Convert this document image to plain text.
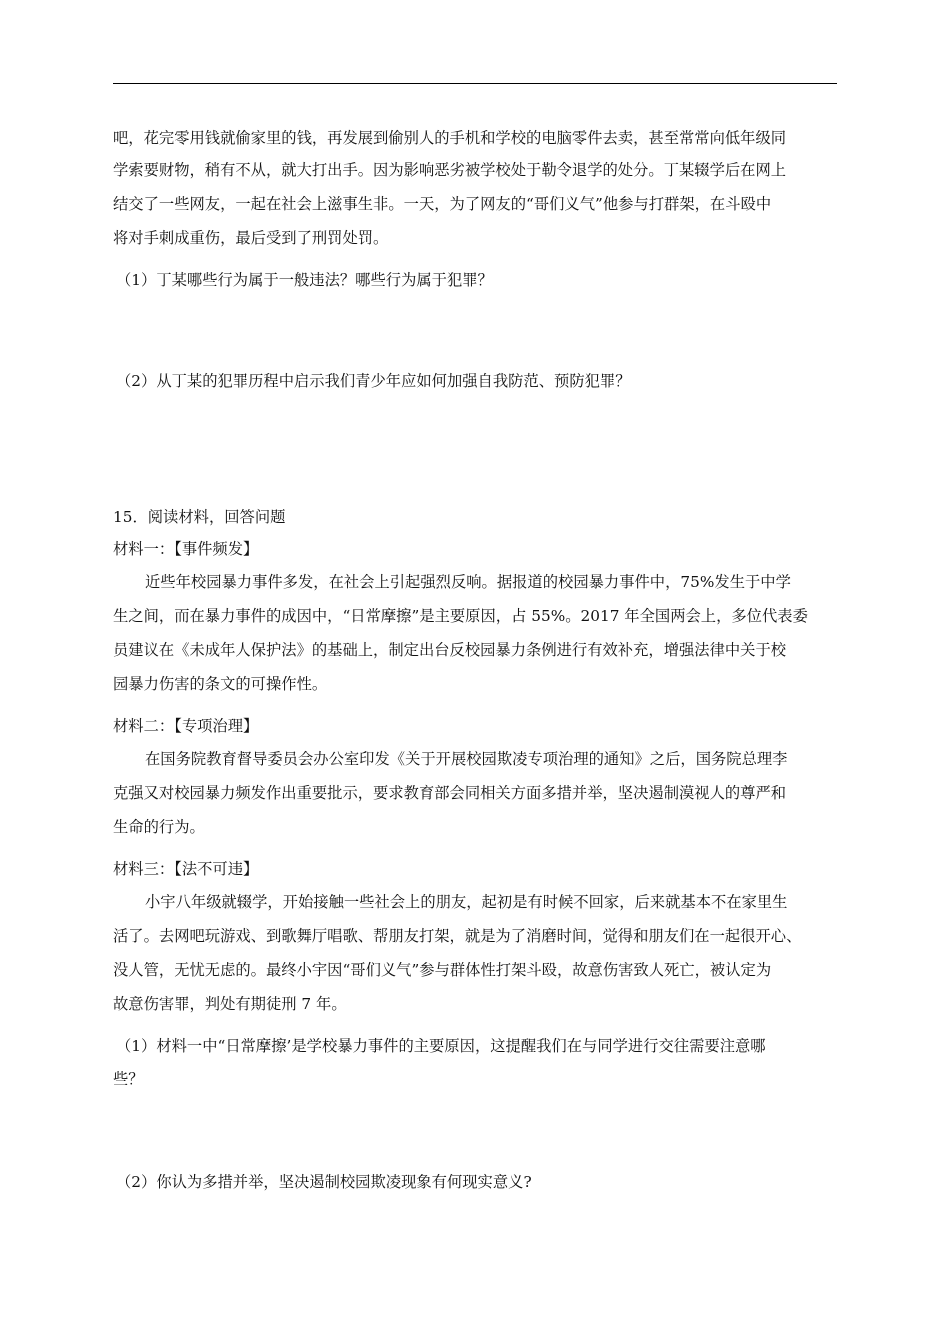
吧，花完零用钱就偷家里的钱，再发展到偷别人的手机和学校的电脑零件去卖，甚至常常向低年级同
学索要财物，稍有不从，就大打出手。因为影响恶劣被学校处于勒令退学的处分。丁某辍学后在网上
结交了一些网友，一起在社会上滋事生非。一天，为了网友的“哥们义气”他参与打群架，在斗殴中
将对手刺成重伤，最后受到了刑罚处罚。
（1）丁某哪些行为属于一般违法？哪些行为属于犯罪？
（2）从丁某的犯罪历程中启示我们青少年应如何加强自我防范、预防犯罪？
15．阅读材料，回答问题
材料一：【事件频发】
近些年校园暴力事件多发，在社会上引起强烈反响。据报道的校园暴力事件中，75%发生于中学
生之间，而在暴力事件的成因中，“日常摩擦”是主要原因，占 55%。2017 年全国两会上，多位代表委
员建议在《未成年人保护法》的基础上，制定出台反校园暴力条例进行有效补充，增强法律中关于校
园暴力伤害的条文的可操作性。
材料二：【专项治理】
在国务院教育督导委员会办公室印发《关于开展校园欺凌专项治理的通知》之后，国务院总理李
克强又对校园暴力频发作出重要批示，要求教育部会同相关方面多措并举，坚决遏制漠视人的尊严和
生命的行为。
材料三：【法不可违】
小宇八年级就辍学，开始接触一些社会上的朋友，起初是有时候不回家，后来就基本不在家里生
活了。去网吧玩游戏、到歌舞厅唱歌、帮朋友打架，就是为了消磨时间，觉得和朋友们在一起很开心、
没人管，无忧无虑的。最终小宇因“哥们义气”参与群体性打架斗殴，故意伤害致人死亡，被认定为
故意伤害罪，判处有期徒刑 7 年。
（1）材料一中“日常摩擦’是学校暴力事件的主要原因，这提醒我们在与同学进行交往需要注意哪
些？
（2）你认为多措并举，坚决遏制校园欺凌现象有何现实意义?
